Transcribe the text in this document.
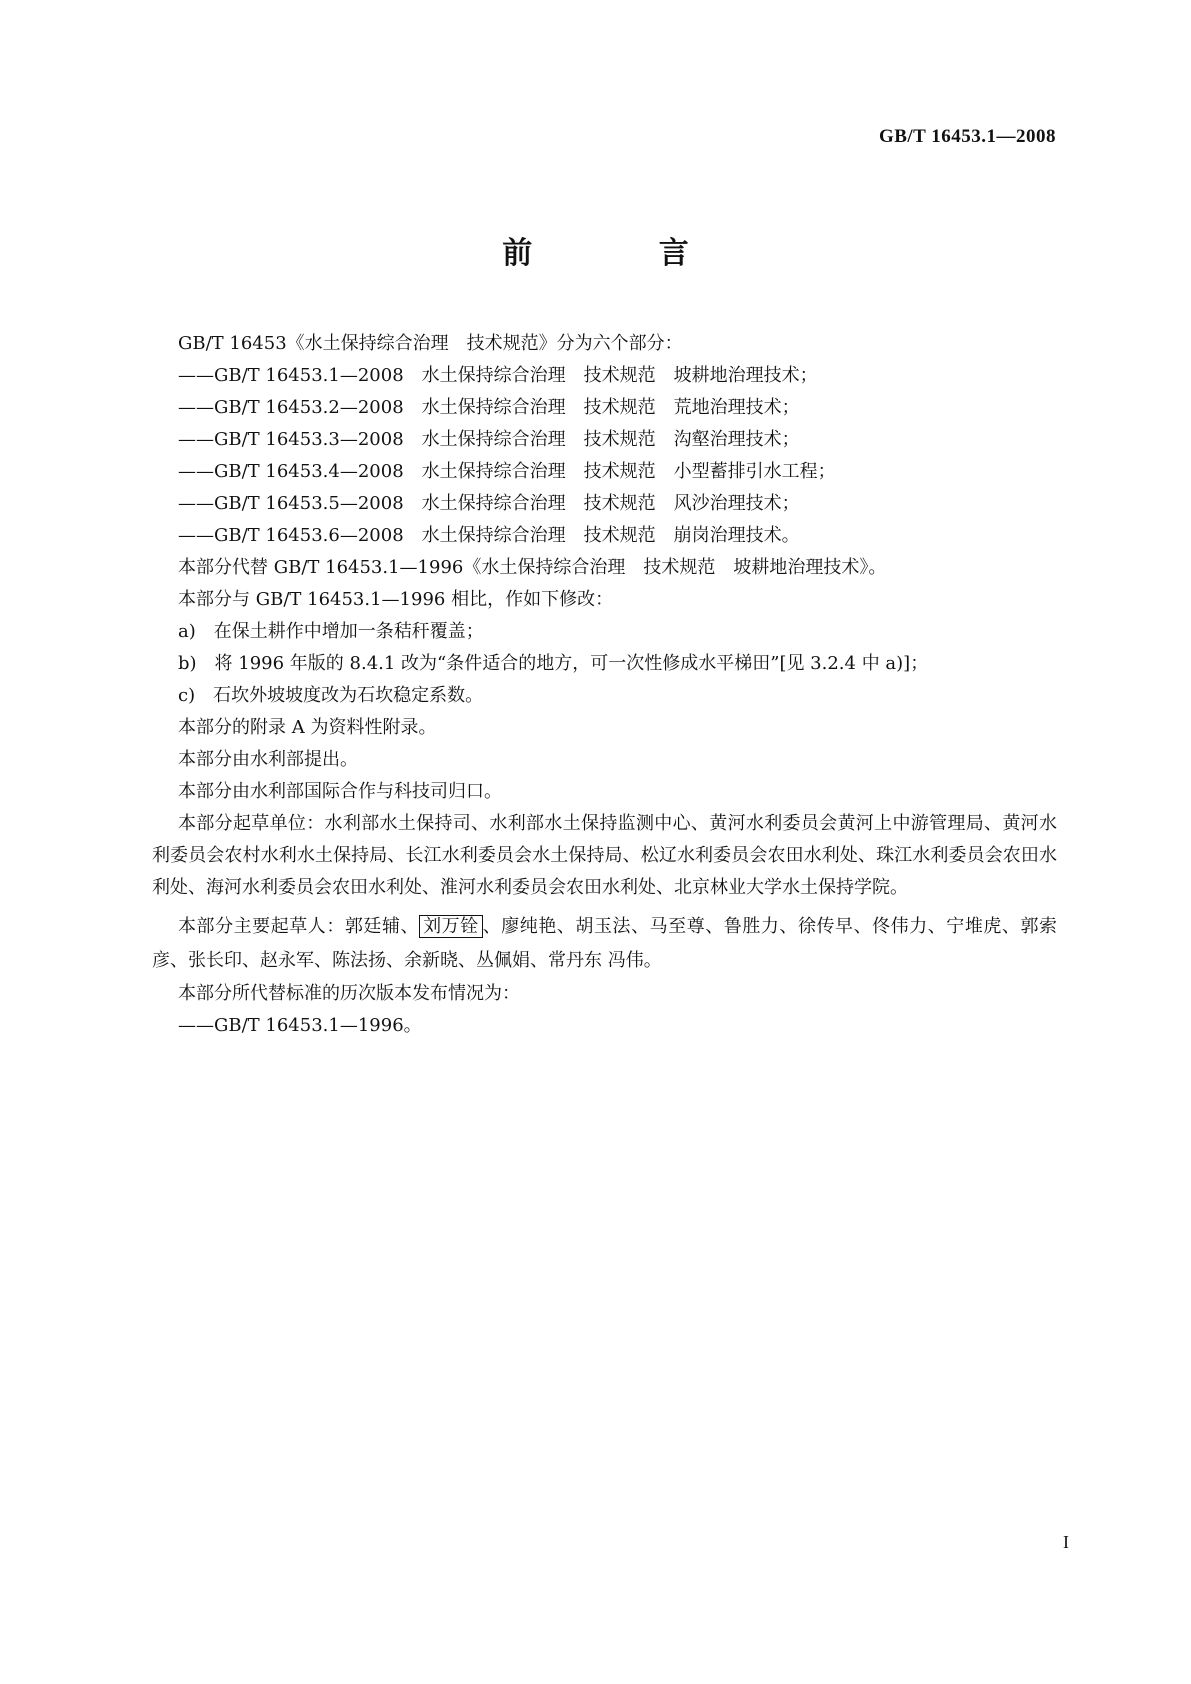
GB/T 16453.1—2008
前 言

GB/T 16453《水土保持综合治理　技术规范》分为六个部分：

——GB/T 16453.1—2008　水土保持综合治理　技术规范　坡耕地治理技术；

——GB/T 16453.2—2008　水土保持综合治理　技术规范　荒地治理技术；

——GB/T 16453.3—2008　水土保持综合治理　技术规范　沟壑治理技术；

——GB/T 16453.4—2008　水土保持综合治理　技术规范　小型蓄排引水工程；

——GB/T 16453.5—2008　水土保持综合治理　技术规范　风沙治理技术；

——GB/T 16453.6—2008　水土保持综合治理　技术规范　崩岗治理技术。

本部分代替 GB/T 16453.1—1996《水土保持综合治理　技术规范　坡耕地治理技术》。

本部分与 GB/T 16453.1—1996 相比，作如下修改：

a)　在保土耕作中增加一条秸秆覆盖；

b)　将 1996 年版的 8.4.1 改为“条件适合的地方，可一次性修成水平梯田”[见 3.2.4 中 a)]；

c)　石坎外坡坡度改为石坎稳定系数。

本部分的附录 A 为资料性附录。

本部分由水利部提出。

本部分由水利部国际合作与科技司归口。

本部分起草单位：水利部水土保持司、水利部水土保持监测中心、黄河水利委员会黄河上中游管理局、黄河水利委员会农村水利水土保持局、长江水利委员会水土保持局、松辽水利委员会农田水利处、珠江水利委员会农田水利处、海河水利委员会农田水利处、淮河水利委员会农田水利处、北京林业大学水土保持学院。

本部分主要起草人：郭廷辅、 刘万铨 、廖纯艳、胡玉法、马至尊、鲁胜力、徐传早、佟伟力、宁堆虎、郭索彦、张长印、赵永军、陈法扬、余新晓、丛佩娟、常丹东 冯伟。

本部分所代替标准的历次版本发布情况为：

——GB/T 16453.1—1996。

I
